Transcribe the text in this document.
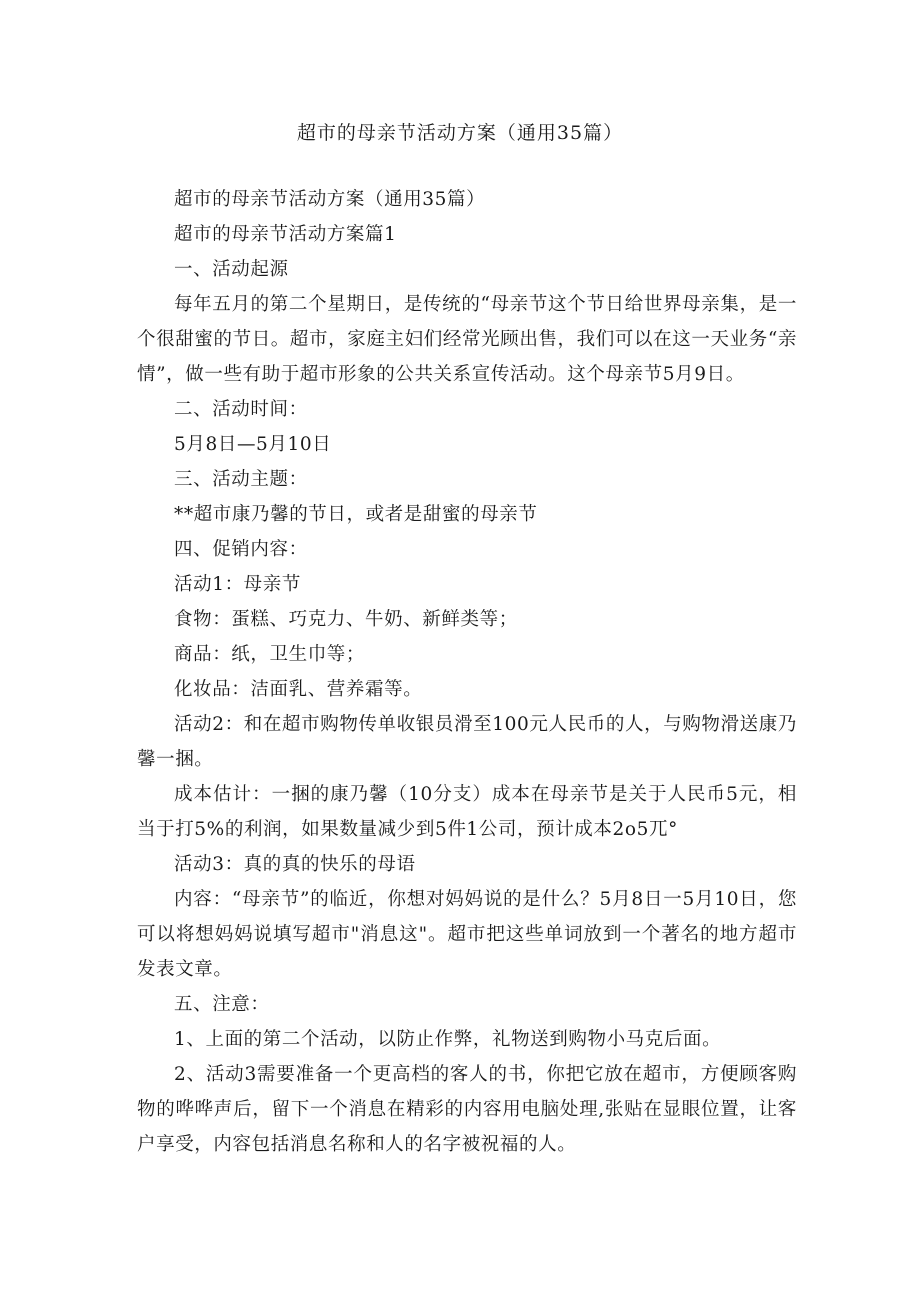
超市的母亲节活动方案（通用35篇）

超市的母亲节活动方案（通用35篇）

超市的母亲节活动方案篇1

一、活动起源

每年五月的第二个星期日，是传统的“母亲节这个节日给世界母亲集，是一个很甜蜜的节日。超市，家庭主妇们经常光顾出售，我们可以在这一天业务“亲情”，做一些有助于超市形象的公共关系宣传活动。这个母亲节5月9日。

二、活动时间：

5月8日—5月10日

三、活动主题：

**超市康乃馨的节日，或者是甜蜜的母亲节

四、促销内容：

活动1：母亲节

食物：蛋糕、巧克力、牛奶、新鲜类等；

商品：纸，卫生巾等；

化妆品：洁面乳、营养霜等。

活动2：和在超市购物传单收银员滑至100元人民币的人，与购物滑送康乃馨一捆。

成本估计：一捆的康乃馨（10分支）成本在母亲节是关于人民币5元，相当于打5%的利润，如果数量减少到5件1公司，预计成本2o5兀°

活动3：真的真的快乐的母语

内容：“母亲节”的临近，你想对妈妈说的是什么？5月8日一5月10日，您可以将想妈妈说填写超市"消息这"。超市把这些单词放到一个著名的地方超市发表文章。

五、注意：

1、上面的第二个活动，以防止作弊，礼物送到购物小马克后面。

2、活动3需要准备一个更高档的客人的书，你把它放在超市，方便顾客购物的哗哗声后，留下一个消息在精彩的内容用电脑处理,张贴在显眼位置，让客户享受，内容包括消息名称和人的名字被祝福的人。
